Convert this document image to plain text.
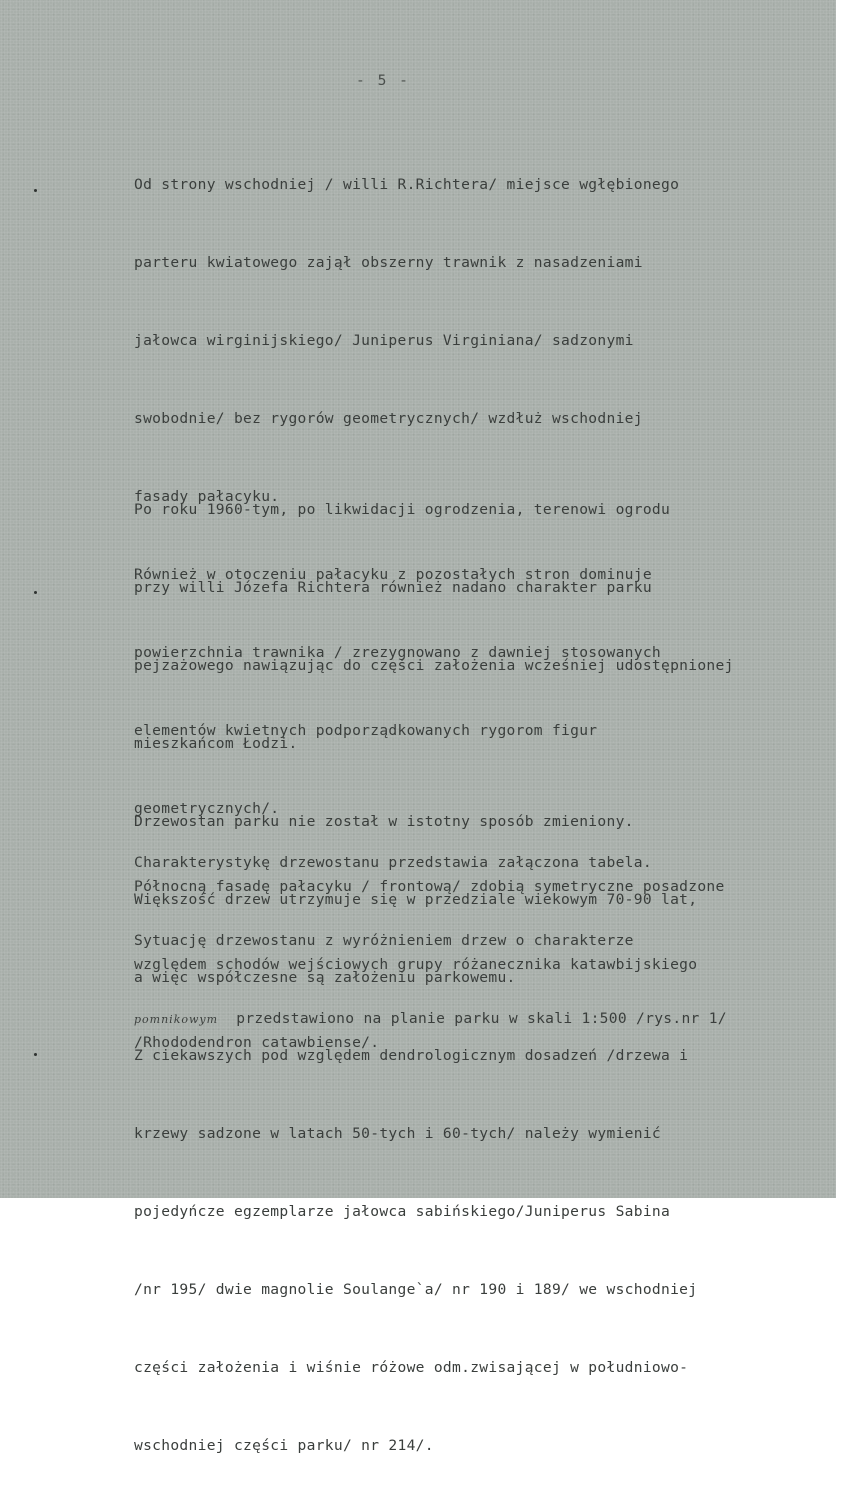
- 5 -

Od strony wschodniej / willi R.Richtera/ miejsce wgłębionego

parteru kwiatowego zajął obszerny trawnik z nasadzeniami

jałowca wirginijskiego/ Juniperus Virginiana/ sadzonymi

swobodnie/ bez rygorów geometrycznych/ wzdłuż wschodniej

fasady pałacyku.

Również w otoczeniu pałacyku z pozostałych stron dominuje

powierzchnia trawnika / zrezygnowano z dawniej stosowanych

elementów kwietnych podporządkowanych rygorom figur

geometrycznych/.

Północną fasadę pałacyku / frontową/ zdobią symetryczne posadzone

względem schodów wejściowych grupy różanecznika katawbijskiego

/Rhododendron catawbiense/.

Po roku 1960-tym, po likwidacji ogrodzenia, terenowi ogrodu

przy willi Józefa Richtera również nadano charakter parku

pejzażowego nawiązując do części założenia wcześniej udostępnionej

mieszkańcom Łodzi.

Drzewostan parku nie został w istotny sposób zmieniony.

Większość drzew utrzymuje się w przedziale wiekowym 70-90 lat,

a więc współczesne są założeniu parkowemu.

Z ciekawszych pod względem dendrologicznym dosadzeń /drzewa i

krzewy sadzone w latach 50-tych i 60-tych/ należy wymienić

pojedyńcze egzemplarze jałowca sabińskiego/Juniperus Sabina

/nr 195/ dwie magnolie Soulange`a/ nr 190 i 189/ we wschodniej

części założenia i wiśnie różowe odm.zwisającej w południowo-

wschodniej części parku/ nr 214/.

Charakterystykę drzewostanu przedstawia załączona tabela.

Sytuację drzewostanu z wyróżnieniem drzew o charakterze

pomnikowym przedstawiono na planie parku w skali 1:500 /rys.nr 1/
